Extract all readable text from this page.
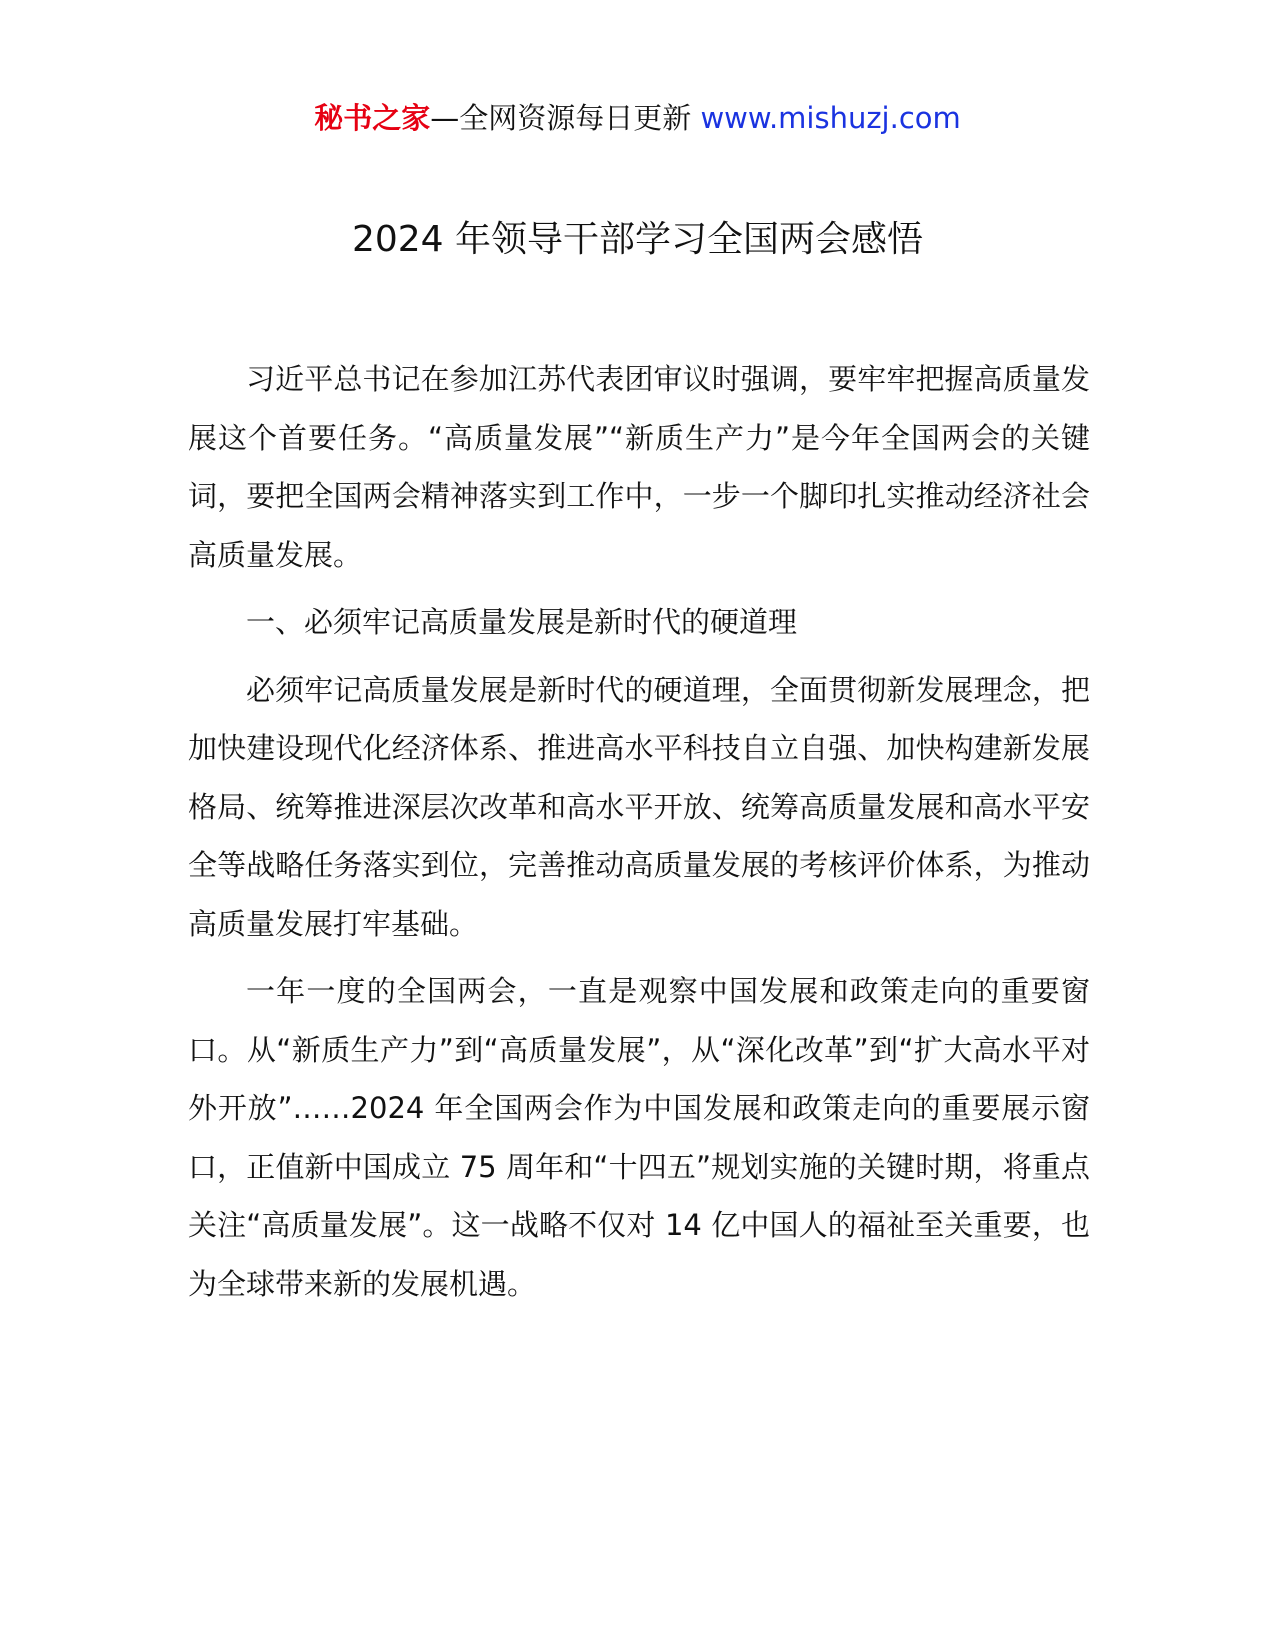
秘书之家—全网资源每日更新 www.mishuzj.com
2024 年领导干部学习全国两会感悟

习近平总书记在参加江苏代表团审议时强调，要牢牢把握高质量发展这个首要任务。“高质量发展”“新质生产力”是今年全国两会的关键词，要把全国两会精神落实到工作中，一步一个脚印扎实推动经济社会高质量发展。

一、必须牢记高质量发展是新时代的硬道理

必须牢记高质量发展是新时代的硬道理，全面贯彻新发展理念，把加快建设现代化经济体系、推进高水平科技自立自强、加快构建新发展格局、统筹推进深层次改革和高水平开放、统筹高质量发展和高水平安全等战略任务落实到位，完善推动高质量发展的考核评价体系，为推动高质量发展打牢基础。

一年一度的全国两会，一直是观察中国发展和政策走向的重要窗口。从“新质生产力”到“高质量发展”，从“深化改革”到“扩大高水平对外开放”……2024 年全国两会作为中国发展和政策走向的重要展示窗口，正值新中国成立 75 周年和“十四五”规划实施的关键时期，将重点关注“高质量发展”。这一战略不仅对 14 亿中国人的福祉至关重要，也为全球带来新的发展机遇。
